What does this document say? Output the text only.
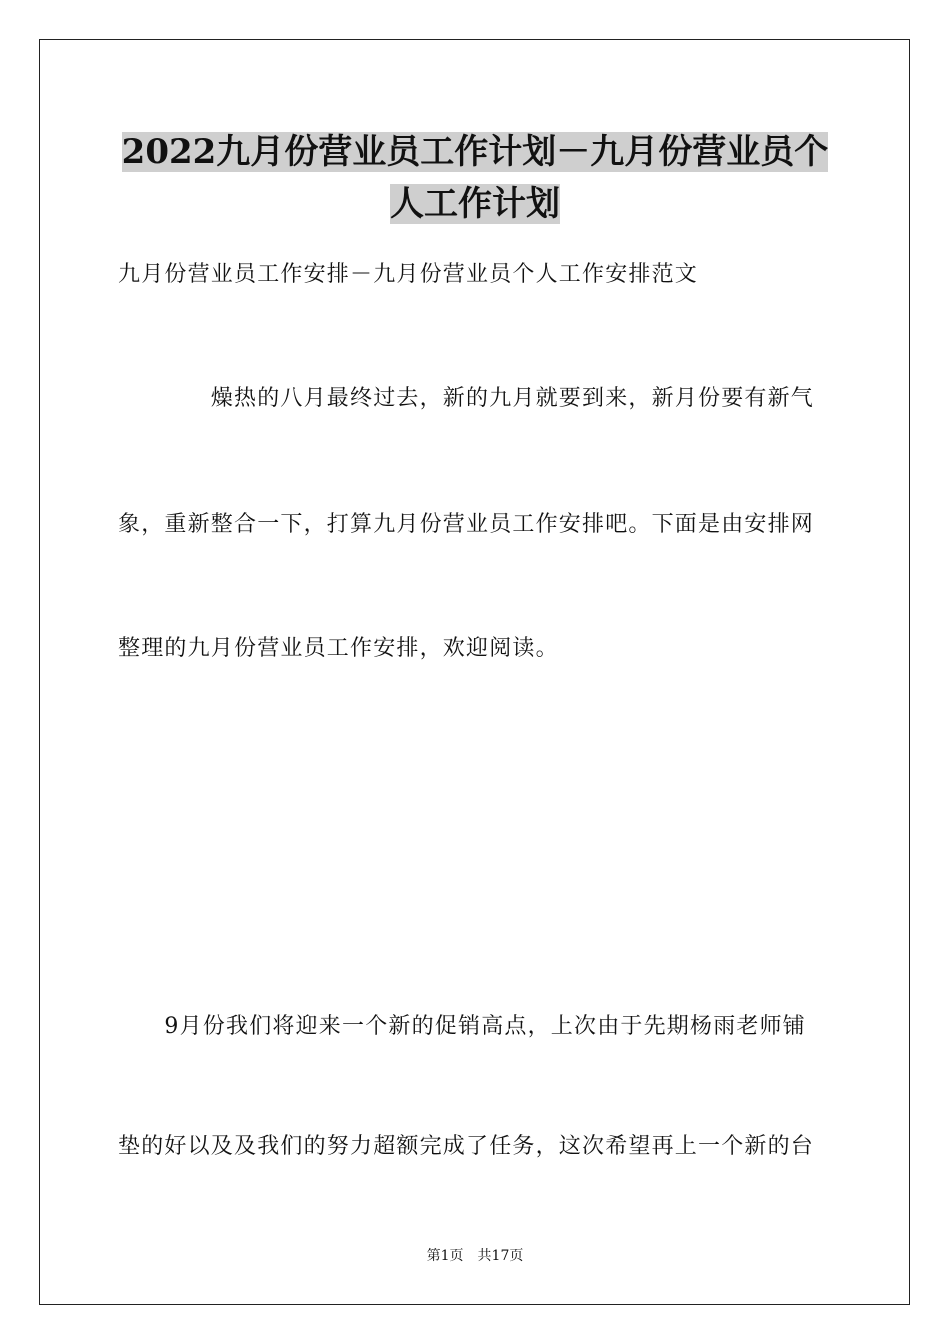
2022九月份营业员工作计划－九月份营业员个
人工作计划
九月份营业员工作安排－九月份营业员个人工作安排范文
　　　　燥热的八月最终过去，新的九月就要到来，新月份要有新气
象，重新整合一下，打算九月份营业员工作安排吧。下面是由安排网
整理的九月份营业员工作安排，欢迎阅读。
　　9月份我们将迎来一个新的促销高点，上次由于先期杨雨老师铺
垫的好以及及我们的努力超额完成了任务，这次希望再上一个新的台
第1页 共17页
